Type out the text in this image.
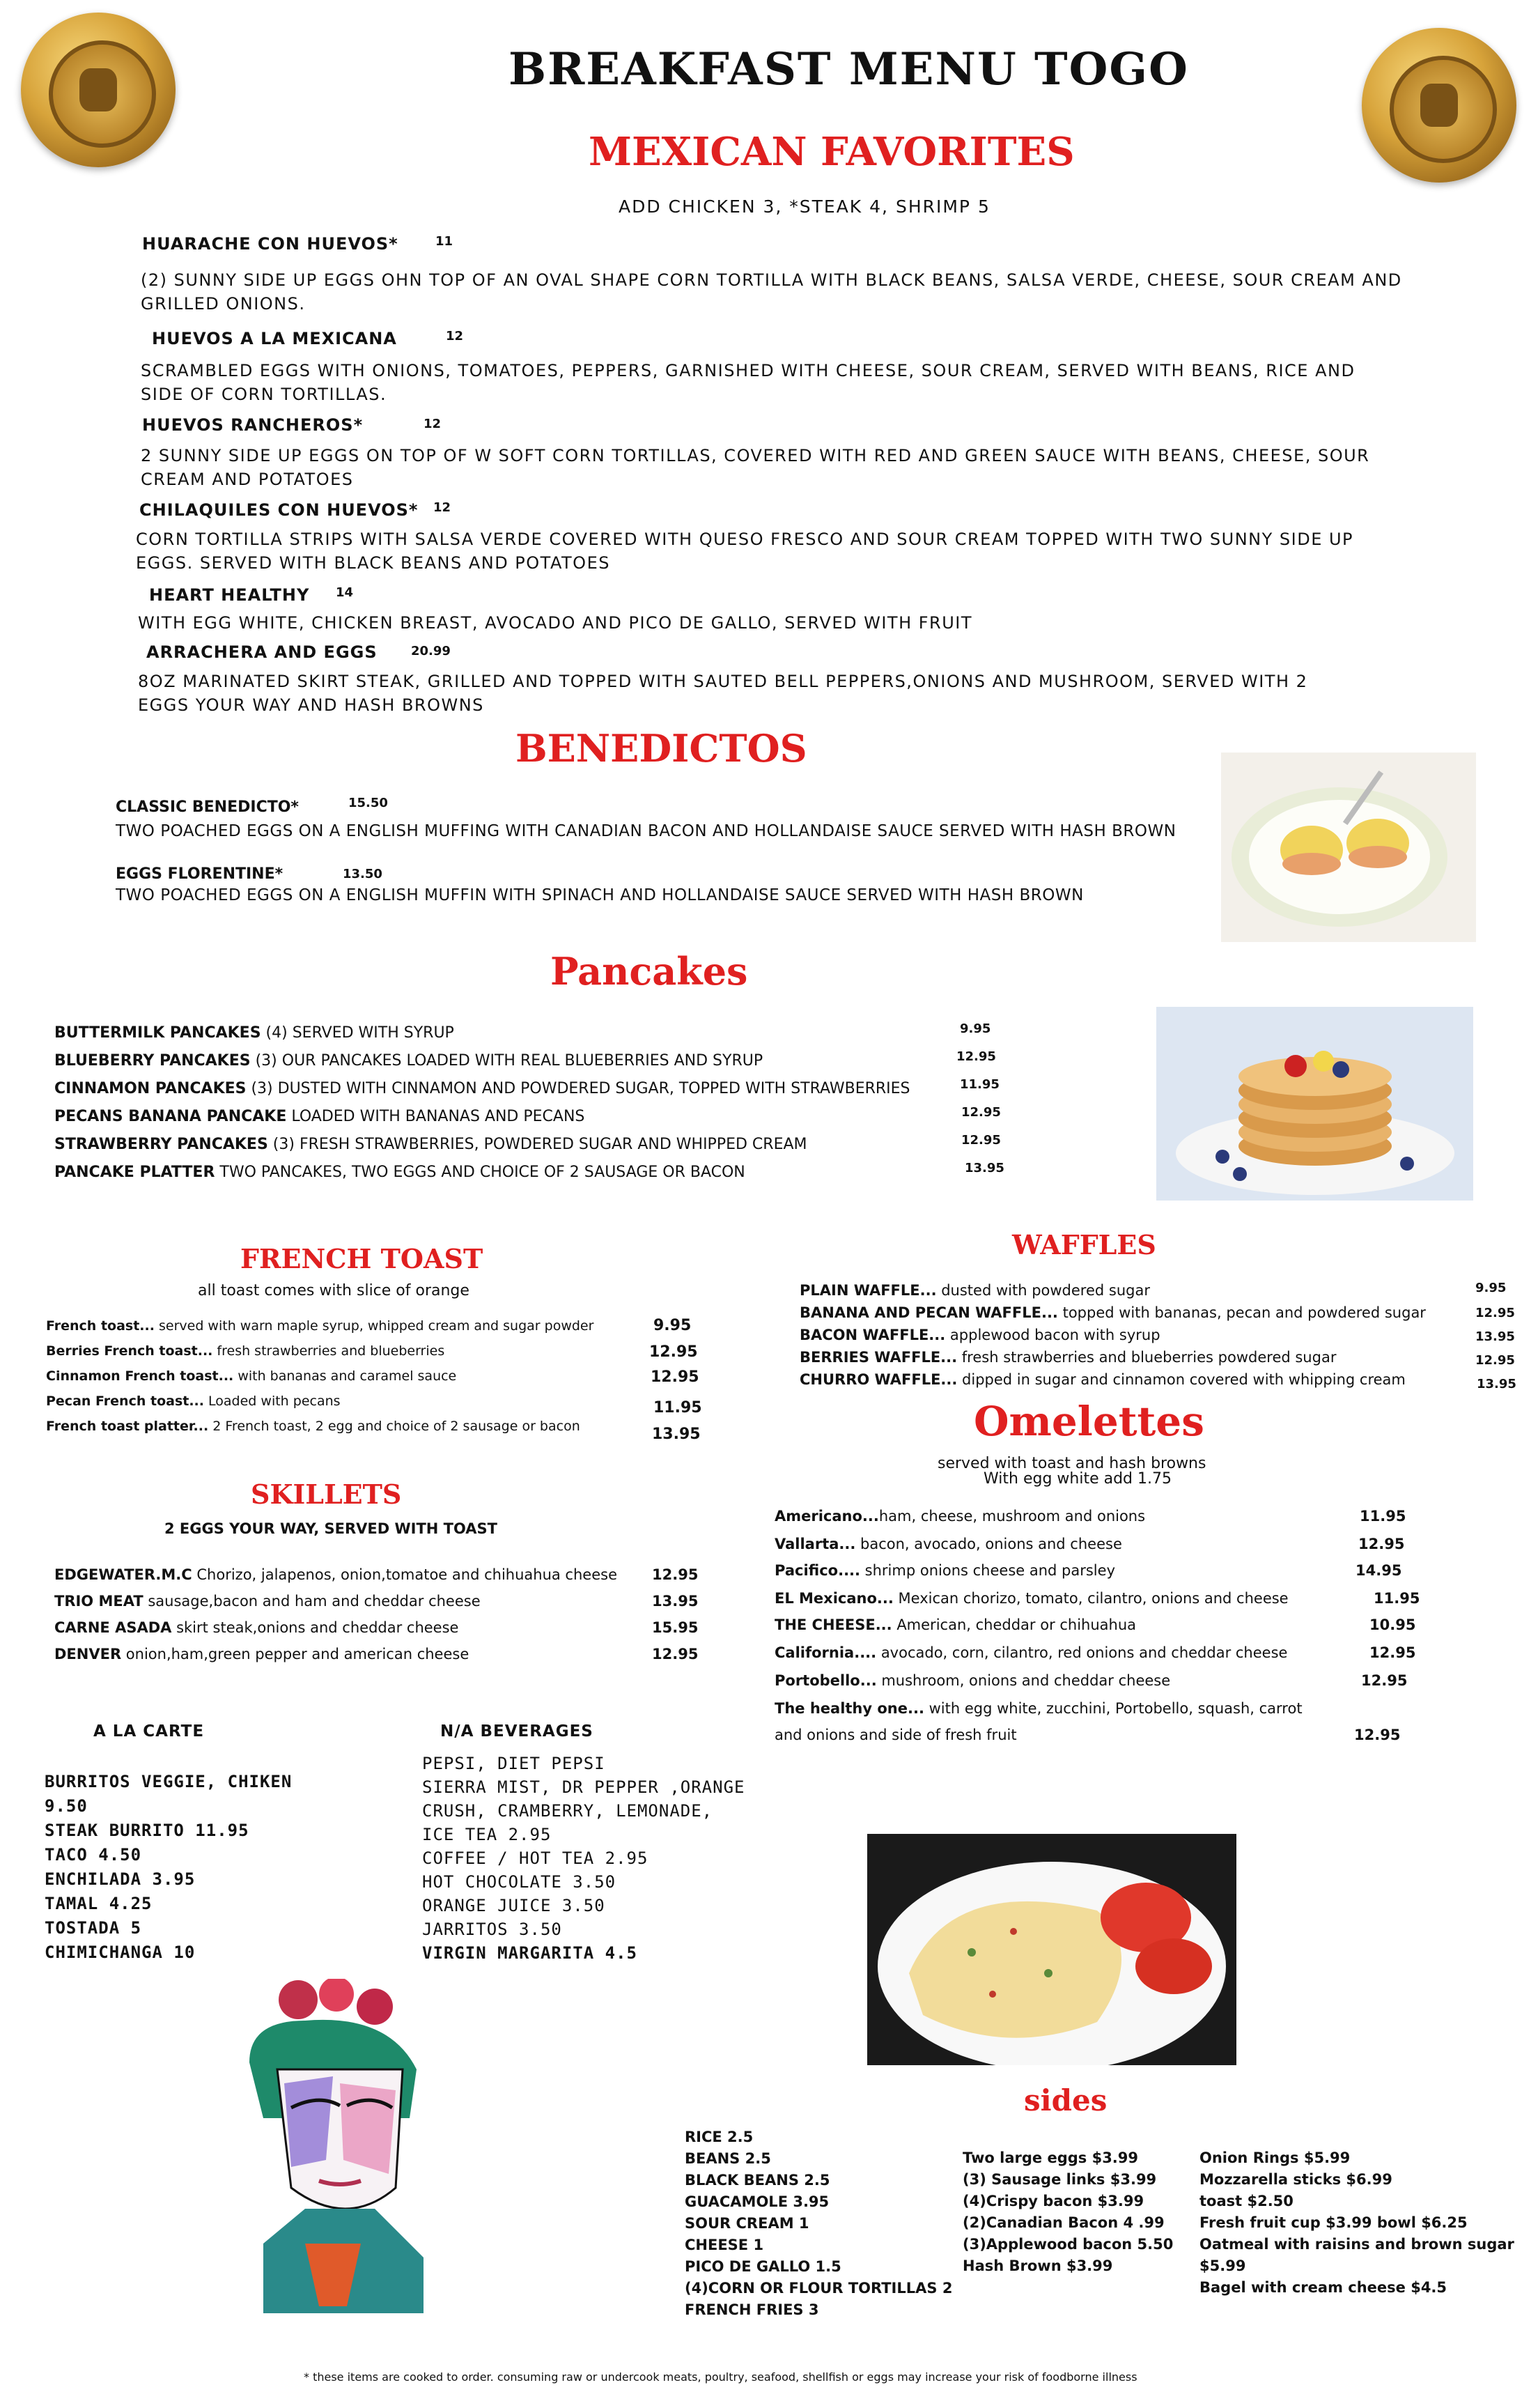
BREAKFAST MENU TOGO
MEXICAN FAVORITES
ADD CHICKEN 3, *STEAK 4, SHRIMP 5
HUARACHE CON HUEVOS*	11
(2) SUNNY SIDE UP EGGS OHN TOP OF AN OVAL SHAPE CORN TORTILLA WITH BLACK BEANS, SALSA VERDE, CHEESE, SOUR CREAM AND
GRILLED ONIONS.
HUEVOS A LA MEXICANA	12
SCRAMBLED EGGS WITH ONIONS, TOMATOES, PEPPERS, GARNISHED WITH CHEESE, SOUR CREAM, SERVED WITH BEANS, RICE AND
SIDE OF CORN TORTILLAS.
HUEVOS RANCHEROS*	12
2 SUNNY SIDE UP EGGS ON TOP OF W SOFT CORN TORTILLAS, COVERED WITH RED AND GREEN SAUCE WITH BEANS, CHEESE, SOUR
CREAM AND POTATOES
CHILAQUILES CON HUEVOS* 12
CORN TORTILLA STRIPS WITH SALSA VERDE COVERED WITH QUESO FRESCO AND SOUR CREAM TOPPED WITH TWO SUNNY SIDE UP
EGGS. SERVED WITH BLACK BEANS AND POTATOES
HEART HEALTHY 14
WITH EGG WHITE, CHICKEN BREAST, AVOCADO AND PICO DE GALLO, SERVED WITH FRUIT
ARRACHERA AND EGGS	20.99
8OZ MARINATED SKIRT STEAK, GRILLED AND TOPPED WITH SAUTED BELL PEPPERS,ONIONS AND MUSHROOM, SERVED WITH 2
EGGS YOUR WAY AND HASH BROWNS
BENEDICTOS
CLASSIC BENEDICTO*	15.50
TWO POACHED EGGS ON A ENGLISH MUFFING WITH CANADIAN BACON AND HOLLANDAISE SAUCE SERVED WITH HASH BROWN
EGGS FLORENTINE*	13.50
TWO POACHED EGGS ON A ENGLISH MUFFIN WITH SPINACH AND HOLLANDAISE SAUCE SERVED WITH HASH BROWN
Pancakes
BUTTERMILK PANCAKES (4) SERVED WITH SYRUP	9.95
BLUEBERRY PANCAKES (3) OUR PANCAKES LOADED WITH REAL BLUEBERRIES AND SYRUP	12.95
CINNAMON PANCAKES (3) DUSTED WITH CINNAMON AND POWDERED SUGAR, TOPPED WITH STRAWBERRIES	11.95
PECANS BANANA PANCAKE LOADED WITH BANANAS AND PECANS	12.95
STRAWBERRY PANCAKES (3) FRESH STRAWBERRIES, POWDERED SUGAR AND WHIPPED CREAM	12.95
PANCAKE PLATTER TWO PANCAKES, TWO EGGS AND CHOICE OF 2 SAUSAGE OR BACON	13.95
FRENCH TOAST
all toast comes with slice of orange
French toast... served with warn maple syrup, whipped cream and sugar powder	9.95
Berries French toast... fresh strawberries and blueberries	12.95
Cinnamon French toast... with bananas and caramel sauce	12.95
Pecan French toast... Loaded with pecans	11.95
French toast platter... 2 French toast, 2 egg and choice of 2 sausage or bacon	13.95
WAFFLES
PLAIN WAFFLE... dusted with powdered sugar	9.95
BANANA AND PECAN WAFFLE... topped with bananas, pecan and powdered sugar	12.95
BACON WAFFLE... applewood bacon with syrup	13.95
BERRIES WAFFLE... fresh strawberries and blueberries powdered sugar	12.95
CHURRO WAFFLE... dipped in sugar and cinnamon covered with whipping cream	13.95
Omelettes
served with toast and hash browns
With egg white add 1.75
Americano...ham, cheese, mushroom and onions	11.95
Vallarta... bacon, avocado, onions and cheese	12.95
Pacifico.... shrimp onions cheese and parsley	14.95
EL Mexicano... Mexican chorizo, tomato, cilantro, onions and cheese	11.95
THE CHEESE... American, cheddar or chihuahua	10.95
California.... avocado, corn, cilantro, red onions and cheddar cheese	12.95
Portobello... mushroom, onions and cheddar cheese	12.95
The healthy one... with egg white, zucchini, Portobello, squash, carrot
and onions and side of fresh fruit	12.95
SKILLETS
2 EGGS YOUR WAY, SERVED WITH TOAST
EDGEWATER.M.C Chorizo, jalapenos, onion,tomatoe and chihuahua cheese 12.95
TRIO MEAT sausage,bacon and ham and cheddar cheese	13.95
CARNE ASADA skirt steak,onions and cheddar cheese	15.95
DENVER onion,ham,green pepper and american cheese	12.95
A LA CARTE
BURRITOS VEGGIE, CHIKEN
9.50
STEAK BURRITO 11.95
TACO 4.50
ENCHILADA 3.95
TAMAL 4.25
TOSTADA 5
CHIMICHANGA 10
N/A BEVERAGES
PEPSI, DIET PEPSI
SIERRA MIST, DR PEPPER ,ORANGE
CRUSH, CRAMBERRY, LEMONADE,
ICE TEA 2.95
COFFEE / HOT TEA 2.95
HOT CHOCOLATE 3.50
ORANGE JUICE 3.50
JARRITOS 3.50
VIRGIN MARGARITA 4.5
sides
RICE 2.5
BEANS 2.5
BLACK BEANS 2.5
GUACAMOLE 3.95
SOUR CREAM 1
CHEESE 1
PICO DE GALLO 1.5
(4)CORN OR FLOUR TORTILLAS 2
FRENCH FRIES 3
Two large eggs $3.99
(3) Sausage links $3.99
(4)Crispy bacon $3.99
(2)Canadian Bacon 4 .99
(3)Applewood bacon 5.50
Hash Brown $3.99
Onion Rings $5.99
Mozzarella sticks $6.99
toast $2.50
Fresh fruit cup $3.99 bowl $6.25
Oatmeal with raisins and brown sugar
$5.99
Bagel with cream cheese $4.5
* these items are cooked to order. consuming raw or undercook meats, poultry, seafood, shellfish or eggs may increase your risk of foodborne illness
